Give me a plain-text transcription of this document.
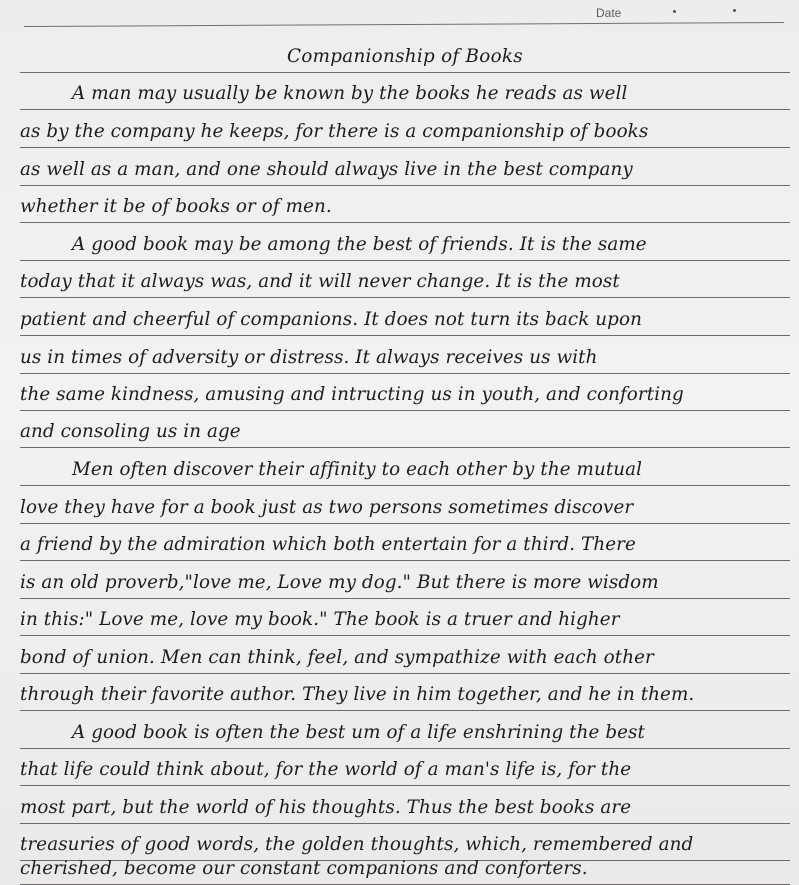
Date
Companionship of Books
A man may usually be known by the books he reads as well
as by the company he keeps, for there is a companionship of books
as well as a man, and one should always live in the best company
whether it be of books or of men.
A good book may be among the best of friends. It is the same
today that it always was, and it will never change. It is the most
patient and cheerful of companions. It does not turn its back upon
us in times of adversity or distress. It always receives us with
the same kindness, amusing and intructing us in youth, and conforting
and consoling us in age
Men often discover their affinity to each other by the mutual
love they have for a book just as two persons sometimes discover
a friend by the admiration which both entertain for a third. There
is an old proverb,"love me, Love my dog." But there is more wisdom
in this:" Love me, love my book." The book is a truer and higher
bond of union. Men can think, feel, and sympathize with each other
through their favorite author. They live in him together, and he in them.
A good book is often the best um of a life enshrining the best
that life could think about, for the world of a man's life is, for the
most part, but the world of his thoughts. Thus the best books are
treasuries of good words, the golden thoughts, which, remembered and
cherished, become our constant companions and conforters.
